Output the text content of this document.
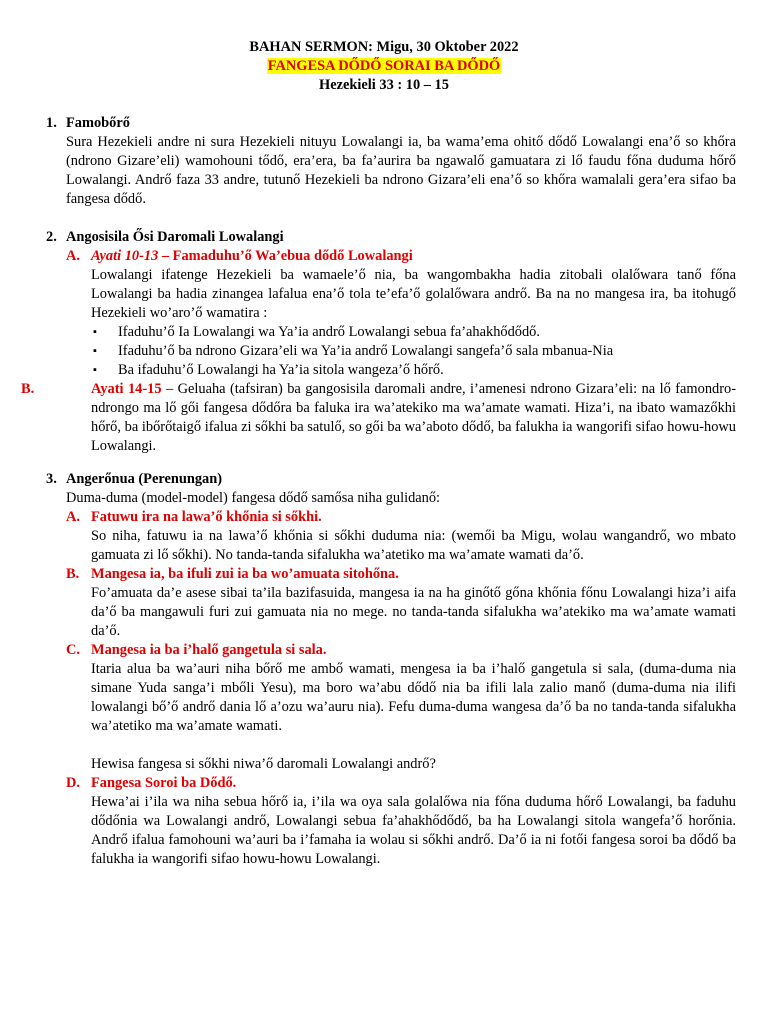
BAHAN SERMON: Migu, 30 Oktober 2022
FANGESA DŐDŐ SORAI BA DŐDŐ
Hezekieli 33 : 10 – 15
1. Famobőrő
Sura Hezekieli andre ni sura Hezekieli nituyu Lowalangi ia, ba wama’ema ohitő dődő Lowalangi ena’ő so khőra (ndrono Gizare’eli) wamohouni tődő, era’era, ba fa’aurira ba ngawalő gamuatara zi lő faudu főna duduma hőrő Lowalangi. Andrő faza 33 andre, tutunő Hezekieli ba ndrono Gizara’eli ena’ő so khőra wamalali gera’era sifao ba fangesa dődő.
2. Angosisila Ősi Daromali Lowalangi
A. Ayati 10-13 – Famaduhu’ő Wa’ebua dődő Lowalangi

Lowalangi ifatenge Hezekieli ba wamaele’ő nia, ba wangombakha hadia zitobali olalőwara tanő főna Lowalangi ba hadia zinangea lafalua ena’ő tola te’efa’ő golalőwara andrő. Ba na no mangesa ira, ba itohugő Hezekieli wo’aro’ő wamatira :

▪ Ifaduhu’ő Ia Lowalangi wa Ya’ia andrő Lowalangi sebua fa’ahakhődődő.
▪ Ifaduhu’ő ba ndrono Gizara’eli wa Ya’ia andrő Lowalangi sangefa’ő sala mbanua-Nia
▪ Ba ifaduhu’ő Lowalangi ha Ya’ia sitola wangeza’ő hőrő.

B.	Ayati 14-15 – Geluaha (tafsiran) ba gangosisila daromali andre, i’amenesi ndrono Gizara’eli: na lő famondro-ndrongo ma lő gői fangesa dődőra ba faluka ira wa’atekiko ma wa’amate wamati. Hiza’i, na ibato wamazőkhi hőrő, ba ibőrőtaigő ifalua zi sőkhi ba satulő, so gői ba wa’aboto dődő, ba falukha ia wangorifi sifao howu-howu Lowalangi.

3. Angerőnua (Perenungan)
Duma-duma (model-model) fangesa dődő samősa niha gulidanő:
A. Fatuwu ira na lawa’ő khőnia si sőkhi.

So niha, fatuwu ia na lawa’ő khőnia si sőkhi duduma nia: (wemői ba Migu, wolau wangandrő, wo mbato gamuata zi lő sőkhi). No tanda-tanda sifalukha wa’atetiko ma wa’amate wamati da’ő.

B. Mangesa ia, ba ifuli zui ia ba wo’amuata sitohőna.

Fo’amuata da’e asese sibai ta’ila bazifasuida, mangesa ia na ha ginőtő gőna khőnia főnu Lowalangi hiza’i aifa da’ő ba mangawuli furi zui gamuata nia no mege. no tanda-tanda sifalukha wa’atekiko ma wa’amate wamati da’ő.

C. Mangesa ia ba i’halő gangetula si sala.

Itaria alua ba wa’auri niha bőrő me ambő wamati, mengesa ia ba i’halő gangetula si sala, (duma-duma nia simane Yuda sanga’i mbőli Yesu), ma boro wa’abu dődő nia ba ifili lala zalio manő (duma-duma nia ilifi lowalangi bő’ő andrő dania lő a’ozu wa’auru nia). Fefu duma-duma wangesa da’ő ba no tanda-tanda sifalukha wa’atetiko ma wa’amate wamati.

Hewisa fangesa si sőkhi niwa’ő daromali Lowalangi andrő?

D. Fangesa Soroi ba Dődő.

Hewa’ai i’ila wa niha sebua hőrő ia, i’ila wa oya sala golalőwa nia főna duduma hőrő Lowalangi, ba faduhu dődőnia wa Lowalangi andrő, Lowalangi sebua fa’ahakhődődő, ba ha Lowalangi sitola wangefa’ő horőnia. Andrő ifalua famohouni wa’auri ba i’famaha ia wolau si sőkhi andrő. Da’ő ia ni fotői fangesa soroi ba dődő ba falukha ia wangorifi sifao howu-howu Lowalangi.
